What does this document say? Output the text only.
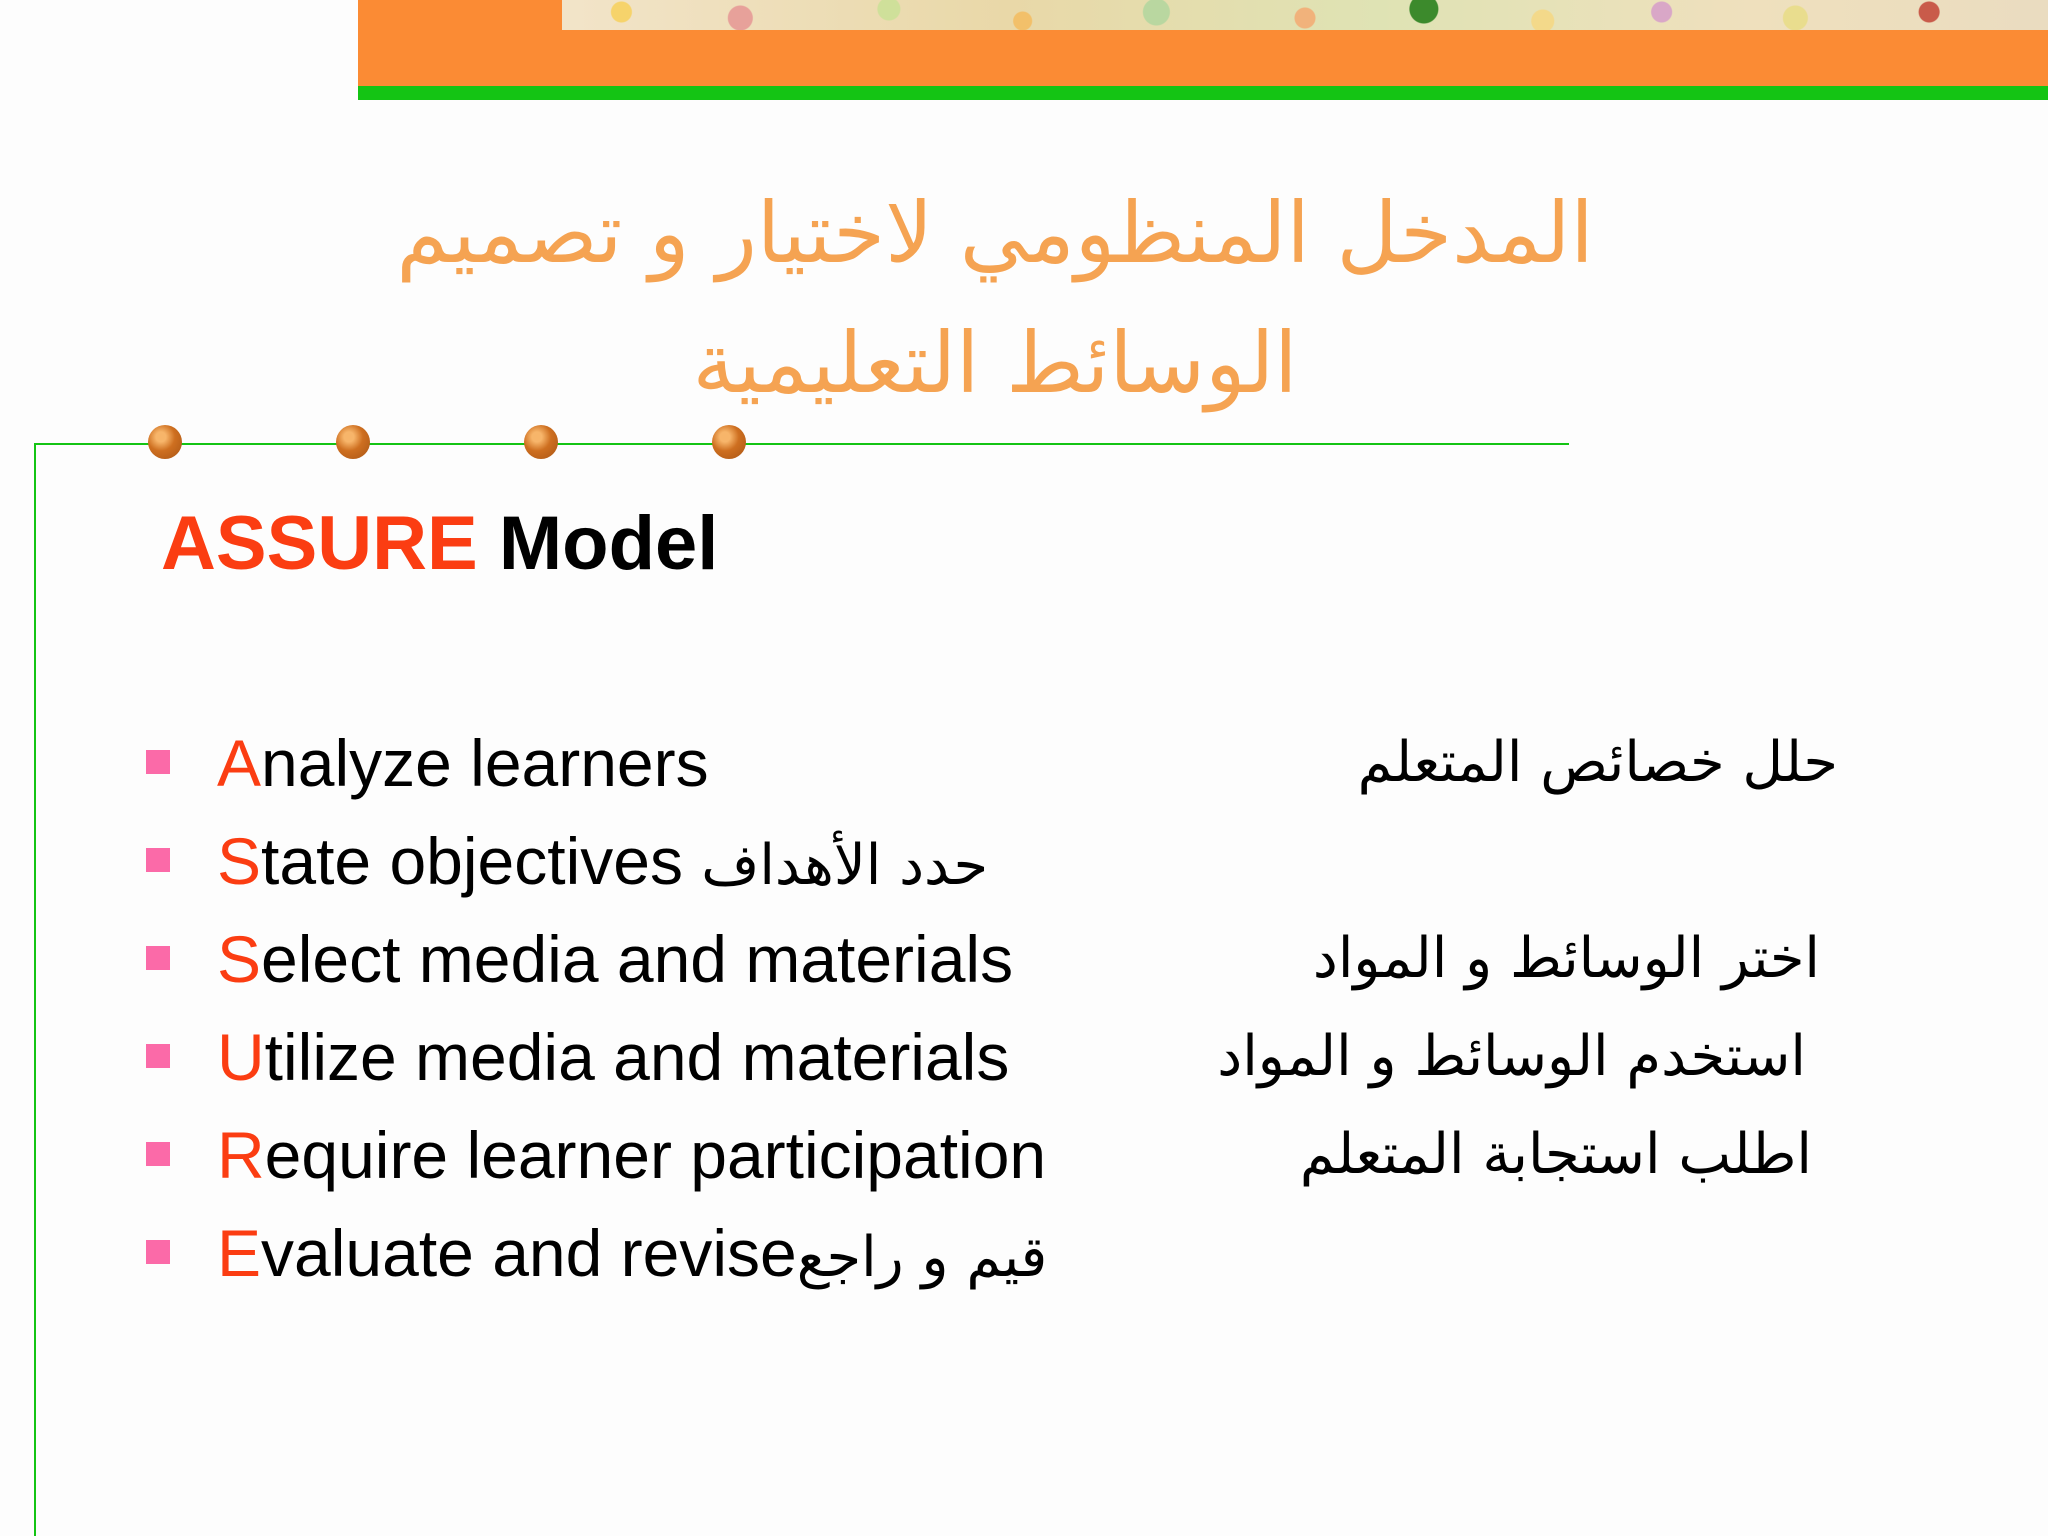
المدخل المنظومي لاختيار و تصميم
الوسائط التعليمية
ASSURE Model
Analyze learners	حلل خصائص المتعلم
State objectives حدد الأهداف
Select media and materials	اختر الوسائط و المواد
Utilize media and materials	استخدم الوسائط و المواد
Require learner participation	اطلب استجابة المتعلم
Evaluate and reviseقيم و راجع
